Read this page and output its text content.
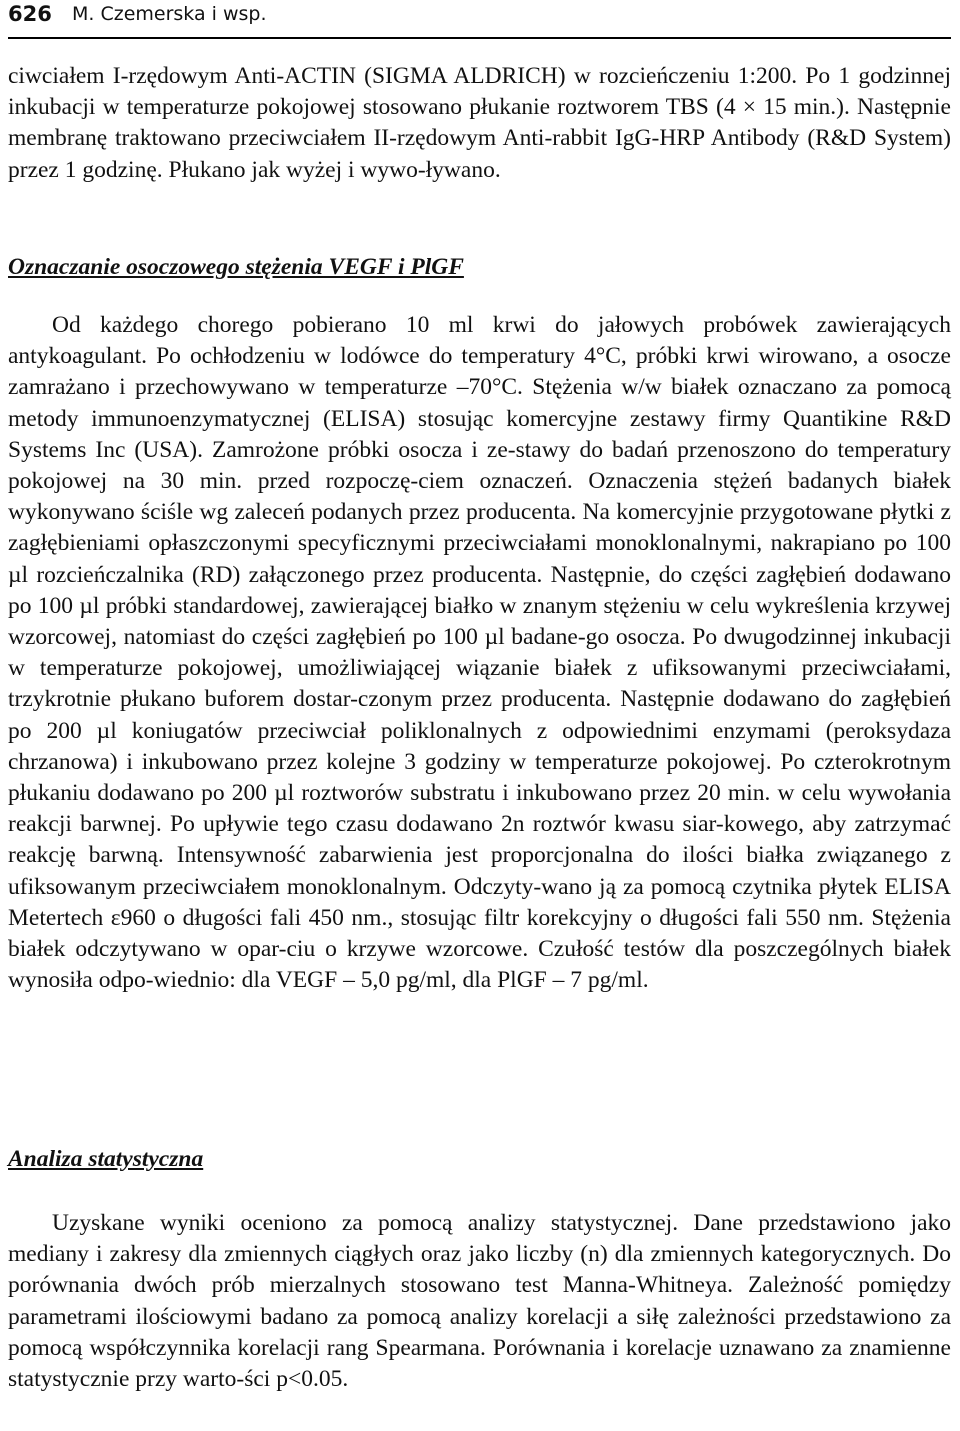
626 M. Czemerska i wsp.

ciwciałem I-rzędowym Anti-ACTIN (SIGMA ALDRICH) w rozcieńczeniu 1:200. Po 1 godzinnej inkubacji w temperaturze pokojowej stosowano płukanie roztworem TBS (4 × 15 min.). Następnie membranę traktowano przeciwciałem II-rzędowym Anti-rabbit IgG-HRP Antibody (R&D System) przez 1 godzinę. Płukano jak wyżej i wywo-ływano.

Oznaczanie osoczowego stężenia VEGF i PlGF

Od każdego chorego pobierano 10 ml krwi do jałowych probówek zawierających antykoagulant. Po ochłodzeniu w lodówce do temperatury 4°C, próbki krwi wirowano, a osocze zamrażano i przechowywano w temperaturze –70°C. Stężenia w/w białek oznaczano za pomocą metody immunoenzymatycznej (ELISA) stosując komercyjne zestawy firmy Quantikine R&D Systems Inc (USA). Zamrożone próbki osocza i ze-stawy do badań przenoszono do temperatury pokojowej na 30 min. przed rozpoczę-ciem oznaczeń. Oznaczenia stężeń badanych białek wykonywano ściśle wg zaleceń podanych przez producenta. Na komercyjnie przygotowane płytki z zagłębieniami opłaszczonymi specyficznymi przeciwciałami monoklonalnymi, nakrapiano po 100 µl rozcieńczalnika (RD) załączonego przez producenta. Następnie, do części zagłębień dodawano po 100 µl próbki standardowej, zawierającej białko w znanym stężeniu w celu wykreślenia krzywej wzorcowej, natomiast do części zagłębień po 100 µl badane-go osocza. Po dwugodzinnej inkubacji w temperaturze pokojowej, umożliwiającej wiązanie białek z ufiksowanymi przeciwciałami, trzykrotnie płukano buforem dostar-czonym przez producenta. Następnie dodawano do zagłębień po 200 µl koniugatów przeciwciał poliklonalnych z odpowiednimi enzymami (peroksydaza chrzanowa) i inkubowano przez kolejne 3 godziny w temperaturze pokojowej. Po czterokrotnym płukaniu dodawano po 200 µl roztworów substratu i inkubowano przez 20 min. w celu wywołania reakcji barwnej. Po upływie tego czasu dodawano 2n roztwór kwasu siar-kowego, aby zatrzymać reakcję barwną. Intensywność zabarwienia jest proporcjonalna do ilości białka związanego z ufiksowanym przeciwciałem monoklonalnym. Odczyty-wano ją za pomocą czytnika płytek ELISA Metertech ε960 o długości fali 450 nm., stosując filtr korekcyjny o długości fali 550 nm. Stężenia białek odczytywano w opar-ciu o krzywe wzorcowe. Czułość testów dla poszczególnych białek wynosiła odpo-wiednio: dla VEGF – 5,0 pg/ml, dla PlGF – 7 pg/ml.

Analiza statystyczna

Uzyskane wyniki oceniono za pomocą analizy statystycznej. Dane przedstawiono jako mediany i zakresy dla zmiennych ciągłych oraz jako liczby (n) dla zmiennych kategorycznych. Do porównania dwóch prób mierzalnych stosowano test Manna-Whitneya. Zależność pomiędzy parametrami ilościowymi badano za pomocą analizy korelacji a siłę zależności przedstawiono za pomocą współczynnika korelacji rang Spearmana. Porównania i korelacje uznawano za znamienne statystycznie przy warto-ści p<0.05.
